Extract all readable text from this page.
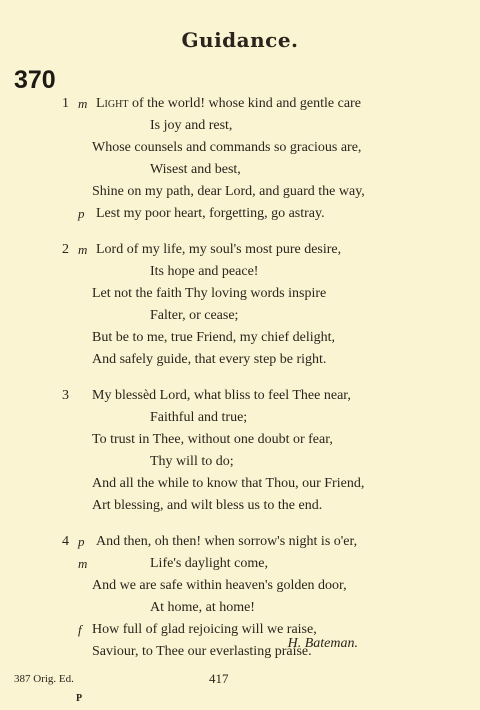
Guidance.
370
1 m Light of the world! whose kind and gentle care
Is joy and rest,
Whose counsels and commands so gracious are,
Wisest and best,
Shine on my path, dear Lord, and guard the way,
p Lest my poor heart, forgetting, go astray.
2 m Lord of my life, my soul's most pure desire,
Its hope and peace!
Let not the faith Thy loving words inspire
Falter, or cease;
But be to me, true Friend, my chief delight,
And safely guide, that every step be right.
3 My blessèd Lord, what bliss to feel Thee near,
Faithful and true;
To trust in Thee, without one doubt or fear,
Thy will to do;
And all the while to know that Thou, our Friend,
Art blessing, and wilt bless us to the end.
4 p And then, oh then! when sorrow's night is o'er,
m	Life's daylight come,
And we are safe within heaven's golden door,
At home, at home!
f How full of glad rejoicing will we raise,
Saviour, to Thee our everlasting praise.
H. Bateman.
387 Orig. Ed.	417
P
